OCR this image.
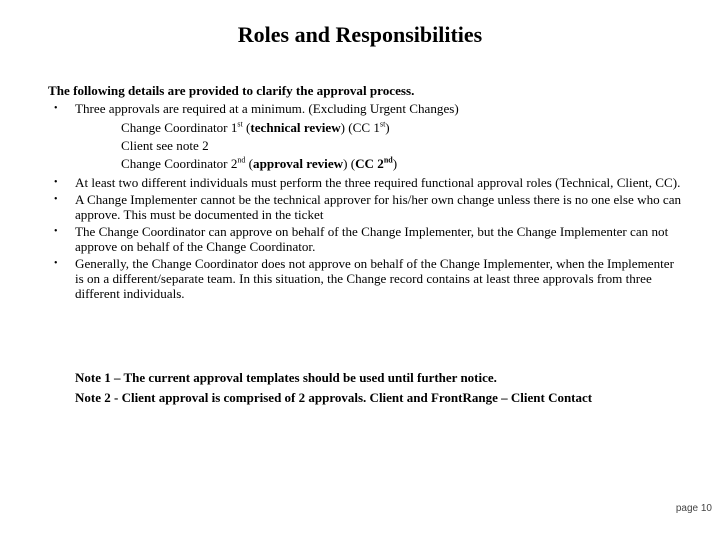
Roles and Responsibilities
The following details are provided to clarify the approval process.
• Three approvals are required at a minimum. (Excluding Urgent Changes)
Change Coordinator 1st (technical review) (CC 1st)
Client see note 2
Change Coordinator 2nd (approval review) (CC 2nd)
• At least two different individuals must perform the three required functional approval roles (Technical, Client, CC).
• A Change Implementer cannot be the technical approver for his/her own change unless there is no one else who can approve. This must be documented in the ticket
• The Change Coordinator can approve on behalf of the Change Implementer, but the Change Implementer can not approve on behalf of the Change Coordinator.
• Generally, the Change Coordinator does not approve on behalf of the Change Implementer, when the Implementer is on a different/separate team. In this situation, the Change record contains at least three approvals from three different individuals.
Note 1 – The current approval templates should be used until further notice.
Note 2 - Client approval is comprised of 2 approvals. Client and FrontRange – Client Contact
page 10
